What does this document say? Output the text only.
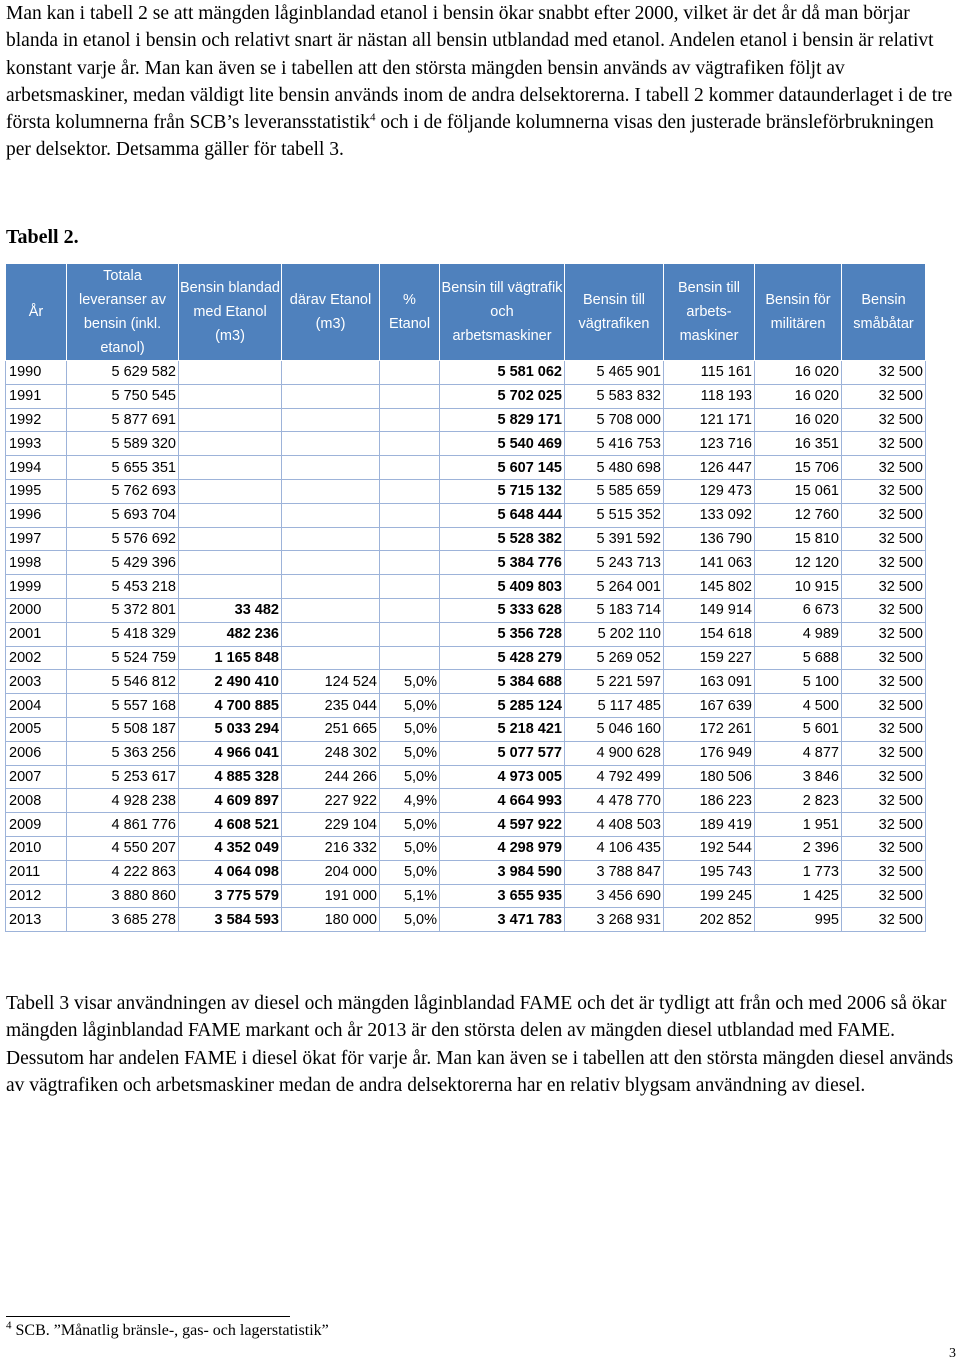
Man kan i tabell 2 se att mängden låginblandad etanol i bensin ökar snabbt efter 2000, vilket är det år då man börjar blanda in etanol i bensin och relativt snart är nästan all bensin utblandad med etanol. Andelen etanol i bensin är relativt konstant varje år. Man kan även se i tabellen att den största mängden bensin används av vägtrafiken följt av arbetsmaskiner, medan väldigt lite bensin används inom de andra delsektorerna. I tabell 2 kommer dataunderlaget i de tre första kolumnerna från SCB’s leveransstatistik$^4$ och i de följande kolumnerna visas den justerade bränsleförbrukningen per delsektor. Detsamma gäller för tabell 3.

Tabell 2.
År	Totala leveranser av bensin (inkl. etanol)	Bensin blandad med Etanol (m3)	därav Etanol (m3)	% Etanol	Bensin till vägtrafik och arbetsmaskiner	Bensin till vägtrafiken	Bensin till arbets-maskiner	Bensin för militären	Bensin småbåtar
1990	5 629 582				5 581 062	5 465 901	115 161	16 020	32 500
1991	5 750 545				5 702 025	5 583 832	118 193	16 020	32 500
1992	5 877 691				5 829 171	5 708 000	121 171	16 020	32 500
1993	5 589 320				5 540 469	5 416 753	123 716	16 351	32 500
1994	5 655 351				5 607 145	5 480 698	126 447	15 706	32 500
1995	5 762 693				5 715 132	5 585 659	129 473	15 061	32 500
1996	5 693 704				5 648 444	5 515 352	133 092	12 760	32 500
1997	5 576 692				5 528 382	5 391 592	136 790	15 810	32 500
1998	5 429 396				5 384 776	5 243 713	141 063	12 120	32 500
1999	5 453 218				5 409 803	5 264 001	145 802	10 915	32 500
2000	5 372 801	33 482			5 333 628	5 183 714	149 914	6 673	32 500
2001	5 418 329	482 236			5 356 728	5 202 110	154 618	4 989	32 500
2002	5 524 759	1 165 848			5 428 279	5 269 052	159 227	5 688	32 500
2003	5 546 812	2 490 410	124 524	5,0%	5 384 688	5 221 597	163 091	5 100	32 500
2004	5 557 168	4 700 885	235 044	5,0%	5 285 124	5 117 485	167 639	4 500	32 500
2005	5 508 187	5 033 294	251 665	5,0%	5 218 421	5 046 160	172 261	5 601	32 500
2006	5 363 256	4 966 041	248 302	5,0%	5 077 577	4 900 628	176 949	4 877	32 500
2007	5 253 617	4 885 328	244 266	5,0%	4 973 005	4 792 499	180 506	3 846	32 500
2008	4 928 238	4 609 897	227 922	4,9%	4 664 993	4 478 770	186 223	2 823	32 500
2009	4 861 776	4 608 521	229 104	5,0%	4 597 922	4 408 503	189 419	1 951	32 500
2010	4 550 207	4 352 049	216 332	5,0%	4 298 979	4 106 435	192 544	2 396	32 500
2011	4 222 863	4 064 098	204 000	5,0%	3 984 590	3 788 847	195 743	1 773	32 500
2012	3 880 860	3 775 579	191 000	5,1%	3 655 935	3 456 690	199 245	1 425	32 500
2013	3 685 278	3 584 593	180 000	5,0%	3 471 783	3 268 931	202 852	995	32 500

Tabell 3 visar användningen av diesel och mängden låginblandad FAME och det är tydligt att från och med 2006 så ökar mängden låginblandad FAME markant och år 2013 är den största delen av mängden diesel utblandad med FAME. Dessutom har andelen FAME i diesel ökat för varje år. Man kan även se i tabellen att den största mängden diesel används av vägtrafiken och arbetsmaskiner medan de andra delsektorerna har en relativ blygsam användning av diesel.

$^4$ SCB. ”Månatlig bränsle-, gas- och lagerstatistik”
3
